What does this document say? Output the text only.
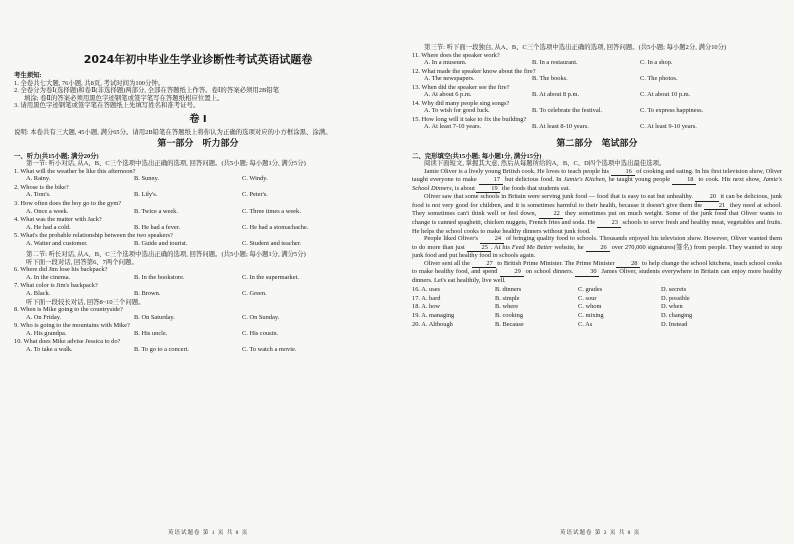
2024年初中毕业生学业诊断性考试英语试题卷

考生须知:

1. 全卷共七大题, 76小题, 共8页, 考试时间为100分钟。

2. 全卷分为卷Ⅰ(选择题)和卷Ⅱ(非选择题)两部分, 全部在答题纸上作答。卷Ⅰ的答案必须用2B铅笔

填涂; 卷Ⅱ的答案必须用黑色字迹钢笔或签字笔写在答题纸相应位置上。

3. 请用黑色字迹钢笔或签字笔在答题纸上先填写姓名和准考证号。

卷 Ⅰ

说明: 本卷共有三大题, 45小题, 满分65分。请用2B铅笔在答题纸上将你认为正确的选项对应的小方框涂黑、涂满。

第一部分 听力部分

一、听力(共15小题; 满分20分)

第一节: 听小对话, 从A、B、C三个选项中选出正确的选项, 回答问题。(共5小题; 每小题1分, 满分5分)

1. What will the weather be like this afternoon?

A. Rainy.	B. Sunny.	C. Windy.

2. Whose is the bike?

A. Tom's.	B. Lily's.	C. Peter's.

3. How often does the boy go to the gym?

A. Once a week.	B. Twice a week.	C. Three times a week.

4. What was the matter with Jack?

A. He had a cold.	B. He had a fever.	C. He had a stomachache.

5. What's the probable relationship between the two speakers?

A. Waiter and customer.	B. Guide and tourist.	C. Student and teacher.

第二节: 听长对话, 从A、B、C三个选项中选出正确的选项, 回答问题。(共5小题; 每小题1分, 满分5分)

听下面一段对话, 回答第6、7两个问题。

6. Where did Jim lose his backpack?

A. In the cinema.	B. In the bookstore.	C. In the supermarket.

7. What color is Jim's backpack?

A. Black.	B. Brown.	C. Green.

听下面一段较长对话, 回答8~10三个问题。

8. When is Mike going to the countryside?

A. On Friday.	B. On Saturday.	C. On Sunday.

9. Who is going to the mountains with Mike?

A. His grandpa.	B. His uncle.	C. His cousin.

10. What does Mike advise Jessica to do?

A. To take a walk.	B. To go to a concert.	C. To watch a movie.
英语试题卷 第 1 页 共 8 页

第三节: 听下面一段独白, 从A、B、C三个选项中选出正确的选项, 回答问题。(共5小题; 每小题2分, 满分10分)

11. Where does the speaker work?

A. In a museum.	B. In a restaurant.	C. In a shop.

12. What made the speaker know about the fire?

A. The newspapers.	B. The books.	C. The photos.

13. When did the speaker see the fire?

A. At about 6 p.m.	B. At about 8 p.m.	C. At about 10 p.m.

14. Why did many people sing songs?

A. To wish for good luck.	B. To celebrate the festival.	C. To express happiness.

15. How long will it take to fix the building?

A. At least 7-10 years.	B. At least 8-10 years.	C. At least 9-10 years.
第二部分 笔试部分

二、完形填空(共15小题; 每小题1分, 满分15分)

阅读下面短文, 掌握其大意, 然后从每题所给的A、B、C、D四个选项中选出最佳选项。

Jamie Oliver is a lively young British cook. He loves to teach people his 16 of cooking and eating. In his first television show, Oliver taught everyone to make 17 but delicious food. In Jamie's Kitchen, he taught young people 18 to cook. His next show, Jamie's School Dinners, is about 19 the foods that students eat.

Oliver saw that some schools in Britain were serving junk food — food that is easy to eat but unhealthy. 20 it can be delicious, junk food is not very good for children, and it is sometimes harmful to their health, because it doesn't give them the 21 they need at school. They sometimes can't think well or feel down, 22 they sometimes put on much weight. Some of the junk food that Oliver wants to change is canned spaghetti, chicken nuggets, French fries and soda. He 23 schools to serve fresh and healthy meat, vegetables and fruits. He helps the school cooks to make healthy dinners without junk food.

People liked Oliver's 24 of bringing quality food to schools. Thousands enjoyed his television show. However, Oliver wanted them to do more than just 25 . At his Feed Me Better website, he 26 over 270,000 signatures(签名) from people. They wanted to stop junk food and put healthy food in schools again.

Oliver sent all the 27 to British Prime Minister. The Prime Minister 28 to help change the school kitchens, teach school cooks to make healthy food, and spend 29 on school dinners. 30 James Oliver, students everywhere in Britain can enjoy more healthy dinners. Let's eat healthily, live well.

16. A. uses	B. dinners	C. grades	D. secrets
17. A. hard	B. simple	C. sour	D. possible
18. A. how	B. where	C. whom	D. when
19. A. managing	B. cooking	C. mixing	D. changing
20. A. Although	B. Because	C. As	D. Instead
英语试题卷 第 2 页 共 8 页
